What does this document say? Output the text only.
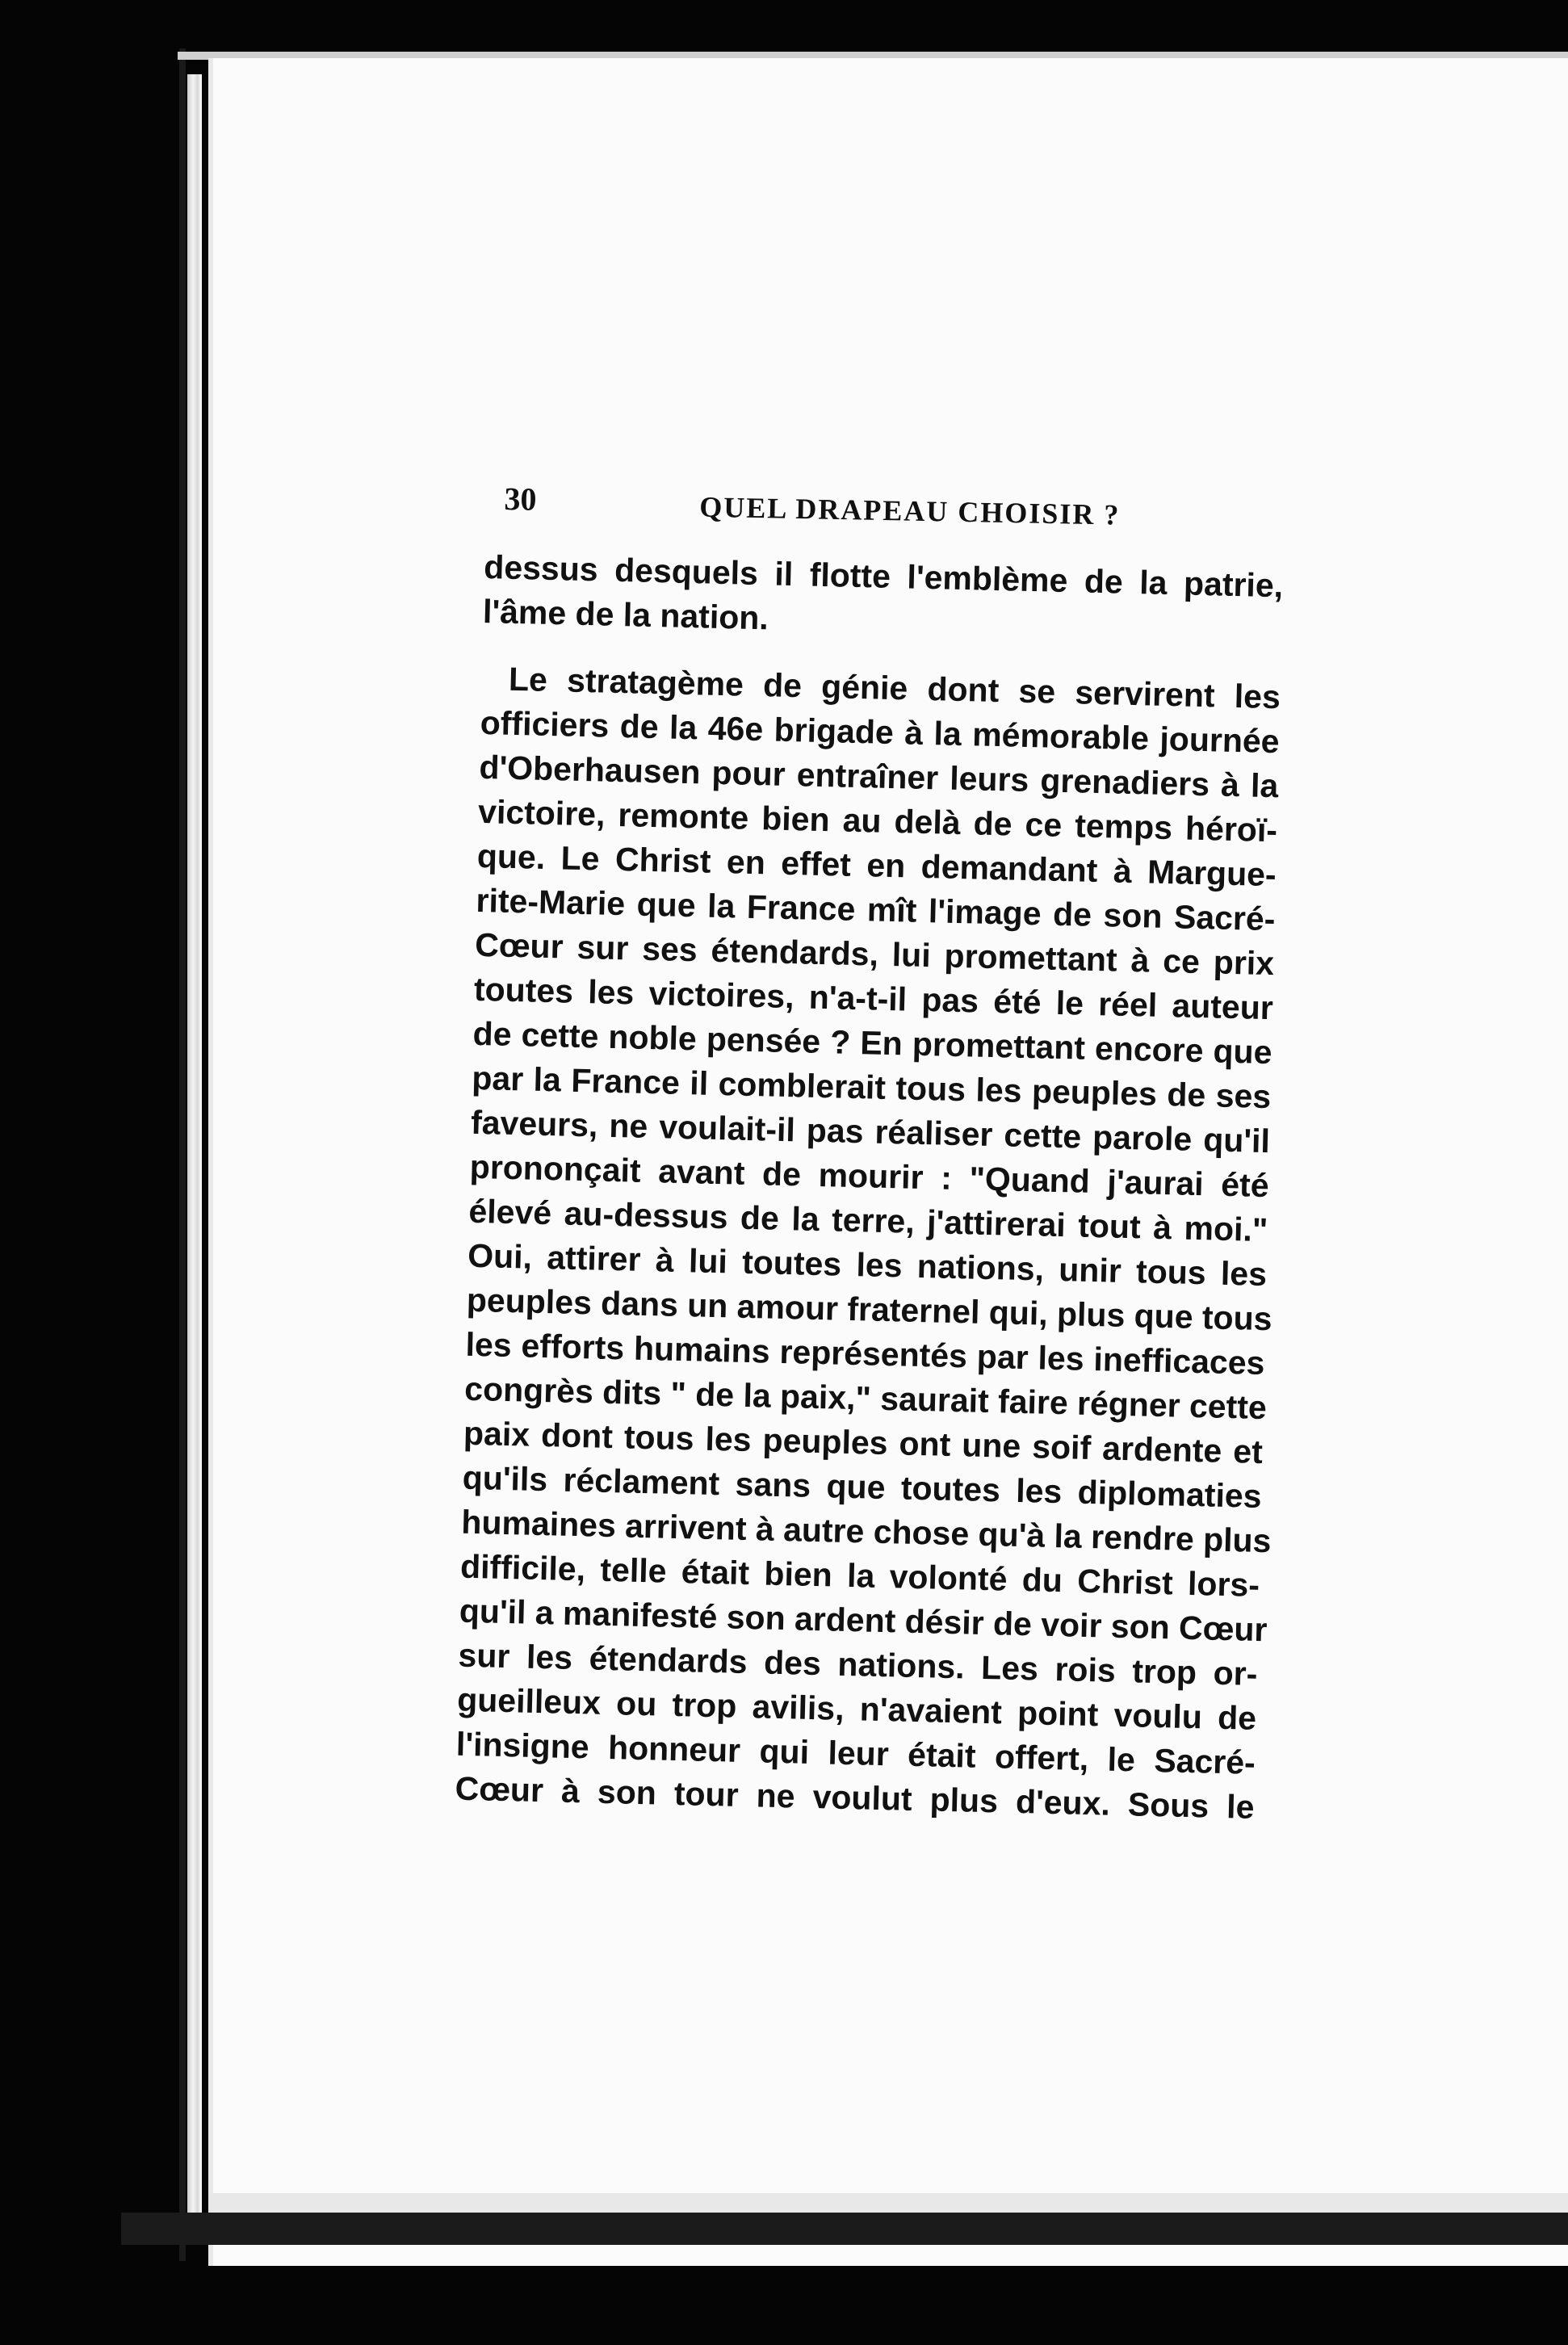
30	QUEL DRAPEAU CHOISIR ?
dessus desquels il flotte l'emblème de la patrie,
l'âme de la nation.
Le stratagème de génie dont se servirent les
officiers de la 46e brigade à la mémorable journée
d'Oberhausen pour entraîner leurs grenadiers à la
victoire, remonte bien au delà de ce temps héroï-
que. Le Christ en effet en demandant à Margue-
rite-Marie que la France mît l'image de son Sacré-
Cœur sur ses étendards, lui promettant à ce prix
toutes les victoires, n'a-t-il pas été le réel auteur
de cette noble pensée ? En promettant encore que
par la France il comblerait tous les peuples de ses
faveurs, ne voulait-il pas réaliser cette parole qu'il
prononçait avant de mourir : "Quand j'aurai été
élevé au-dessus de la terre, j'attirerai tout à moi."
Oui, attirer à lui toutes les nations, unir tous les
peuples dans un amour fraternel qui, plus que tous
les efforts humains représentés par les inefficaces
congrès dits " de la paix," saurait faire régner cette
paix dont tous les peuples ont une soif ardente et
qu'ils réclament sans que toutes les diplomaties
humaines arrivent à autre chose qu'à la rendre plus
difficile, telle était bien la volonté du Christ lors-
qu'il a manifesté son ardent désir de voir son Cœur
sur les étendards des nations. Les rois trop or-
gueilleux ou trop avilis, n'avaient point voulu de
l'insigne honneur qui leur était offert, le Sacré-
Cœur à son tour ne voulut plus d'eux. Sous le
